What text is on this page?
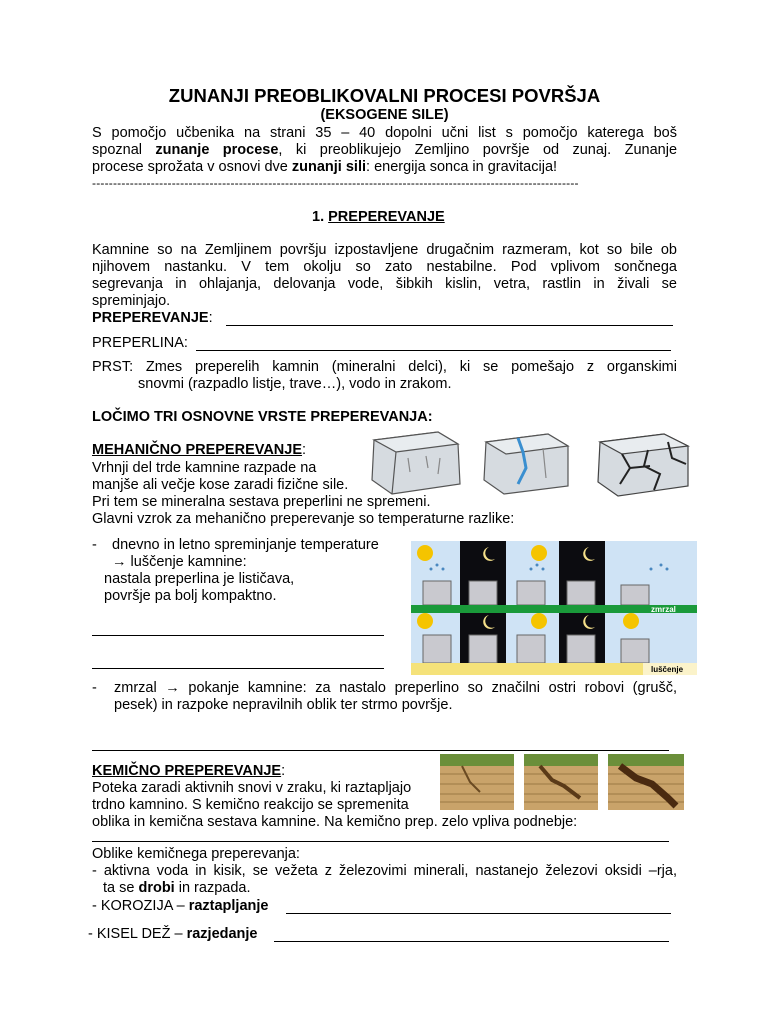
ZUNANJI PREOBLIKOVALNI PROCESI POVRŠJA
(EKSOGENE SILE)
S pomočjo učbenika na strani 35 – 40 dopolni učni list s pomočjo katerega boš
spoznal zunanje procese, ki preoblikujejo Zemljino površje od zunaj. Zunanje
procese sprožata v osnovi dve zunanji sili: energija sonca in gravitacija!
--------------------------------------------------------------------------------------------------------------------
1. PREPEREVANJE
Kamnine so na Zemljinem površju izpostavljene drugačnim razmeram, kot so bile ob
njihovem nastanku. V tem okolju so zato nestabilne. Pod vplivom sončnega
segrevanja in ohlajanja, delovanja vode, šibkih kislin, vetra, rastlin in živali se
spreminjajo.
PREPEREVANJE:
PREPERLINA:
PRST: Zmes preperelih kamnin (mineralni delci), ki se pomešajo z organskimi
snovmi (razpadlo listje, trave…), vodo in zrakom.
LOČIMO TRI OSNOVNE VRSTE PREPEREVANJA:
MEHANIČNO PREPEREVANJE:
Vrhnji del trde kamnine razpade na
manjše ali večje kose zaradi fizične sile.
Pri tem se mineralna sestava preperlini ne spremeni.
Glavni vzrok za mehanično preperevanje so temperaturne razlike:
- dnevno in letno spreminjanje temperature
→ luščenje kamnine:
nastala preperlina je lističava,
površje pa bolj kompaktno.
- zmrzal → pokanje kamnine: za nastalo preperlino so značilni ostri robovi (grušč,
pesek) in razpoke nepravilnih oblik ter strmo površje.
KEMIČNO PREPEREVANJE:
Poteka zaradi aktivnih snovi v zraku, ki raztapljajo
trdno kamnino. S kemično reakcijo se spremenita
oblika in kemična sestava kamnine. Na kemično prep. zelo vpliva podnebje:
Oblike kemičnega preperevanja:
- aktivna voda in kisik, se vežeta z železovimi minerali, nastanejo železovi oksidi –rja,
ta se drobi in razpada.
- KOROZIJA – raztapljanje
- KISEL DEŽ – razjedanje
zmrzal
luščenje
